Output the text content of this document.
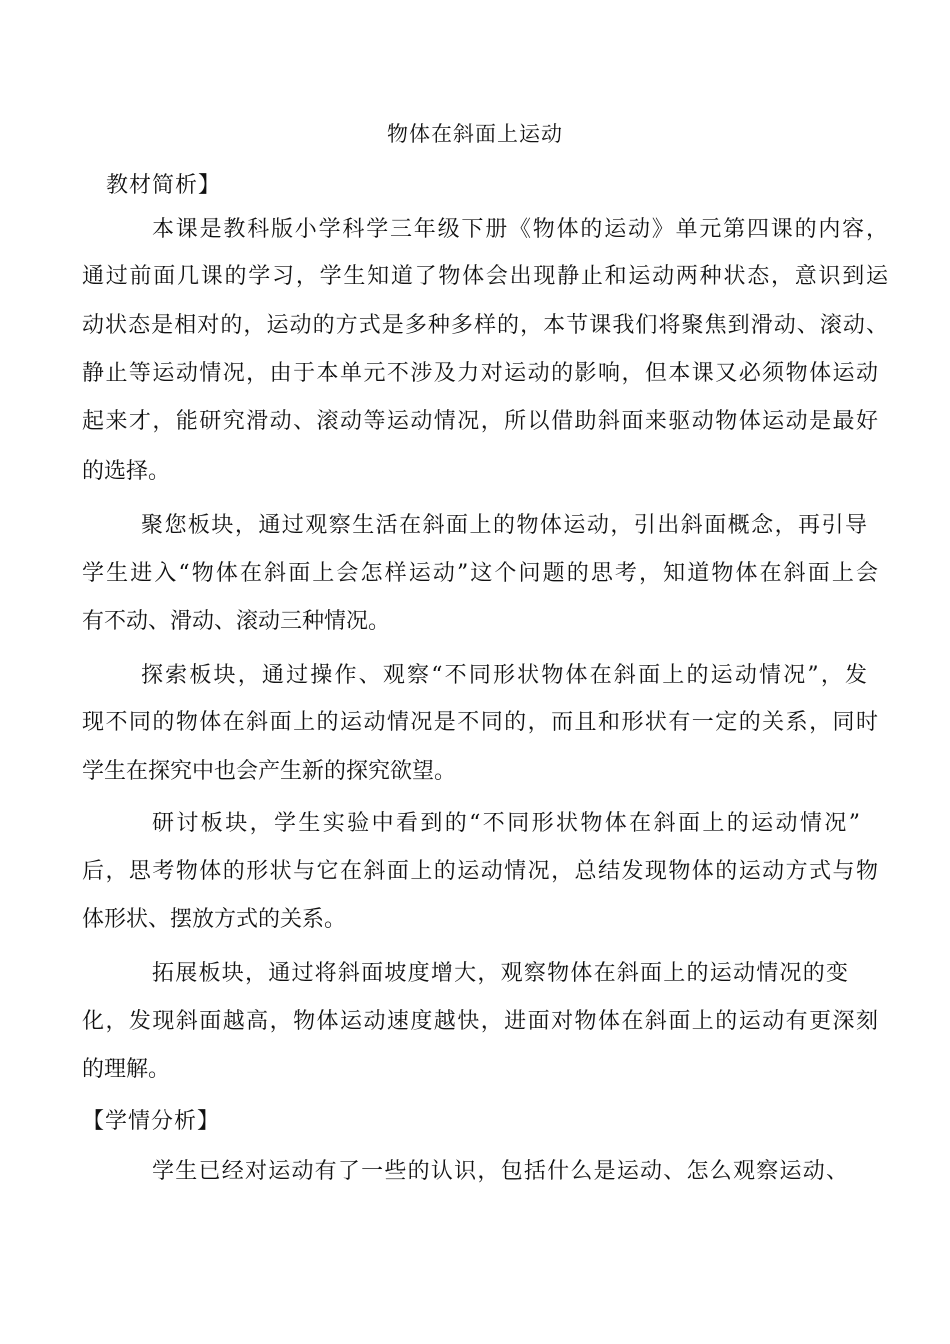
物体在斜面上运动
教材简析】
本课是教科版小学科学三年级下册《物体的运动》单元第四课的内容，
通过前面几课的学习，学生知道了物体会出现静止和运动两种状态，意识到运
动状态是相对的，运动的方式是多种多样的，本节课我们将聚焦到滑动、滚动、
静止等运动情况，由于本单元不涉及力对运动的影响，但本课又必须物体运动
起来才，能研究滑动、滚动等运动情况，所以借助斜面来驱动物体运动是最好
的选择。
聚您板块，通过观察生活在斜面上的物体运动，引出斜面概念，再引导
学生进入“物体在斜面上会怎样运动”这个问题的思考，知道物体在斜面上会
有不动、滑动、滚动三种情况。
探索板块，通过操作、观察“不同形状物体在斜面上的运动情况”，发
现不同的物体在斜面上的运动情况是不同的，而且和形状有一定的关系，同时
学生在探究中也会产生新的探究欲望。
研讨板块，学生实验中看到的“不同形状物体在斜面上的运动情况”
后，思考物体的形状与它在斜面上的运动情况，总结发现物体的运动方式与物
体形状、摆放方式的关系。
拓展板块，通过将斜面坡度增大，观察物体在斜面上的运动情况的变
化，发现斜面越高，物体运动速度越快，进面对物体在斜面上的运动有更深刻
的理解。
【学情分析】
学生已经对运动有了一些的认识，包括什么是运动、怎么观察运动、
